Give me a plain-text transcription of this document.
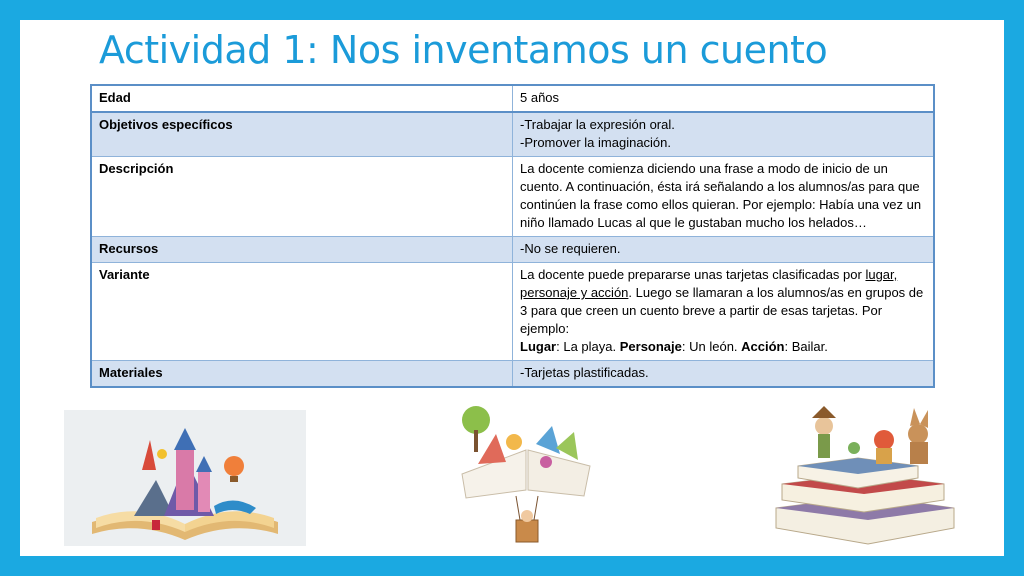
Actividad 1: Nos inventamos un cuento
Edad	5 años

Objetivos específicos	-Trabajar la expresión oral.
-Promover la imaginación.

Descripción	La docente comienza diciendo una frase a modo de inicio de un cuento. A continuación, ésta irá señalando a los alumnos/as para que continúen la frase como ellos quieran. Por ejemplo: Había una vez un niño llamado Lucas al que le gustaban mucho los helados…
Recursos	-No se requieren.

Variante	La docente puede prepararse unas tarjetas clasificadas por lugar, personaje y acción. Luego se llamaran a los alumnos/as en grupos de 3 para que creen un cuento breve a partir de esas tarjetas. Por ejemplo:
Lugar: La playa. Personaje: Un león. Acción: Bailar.

Materiales	-Tarjetas plastificadas.
